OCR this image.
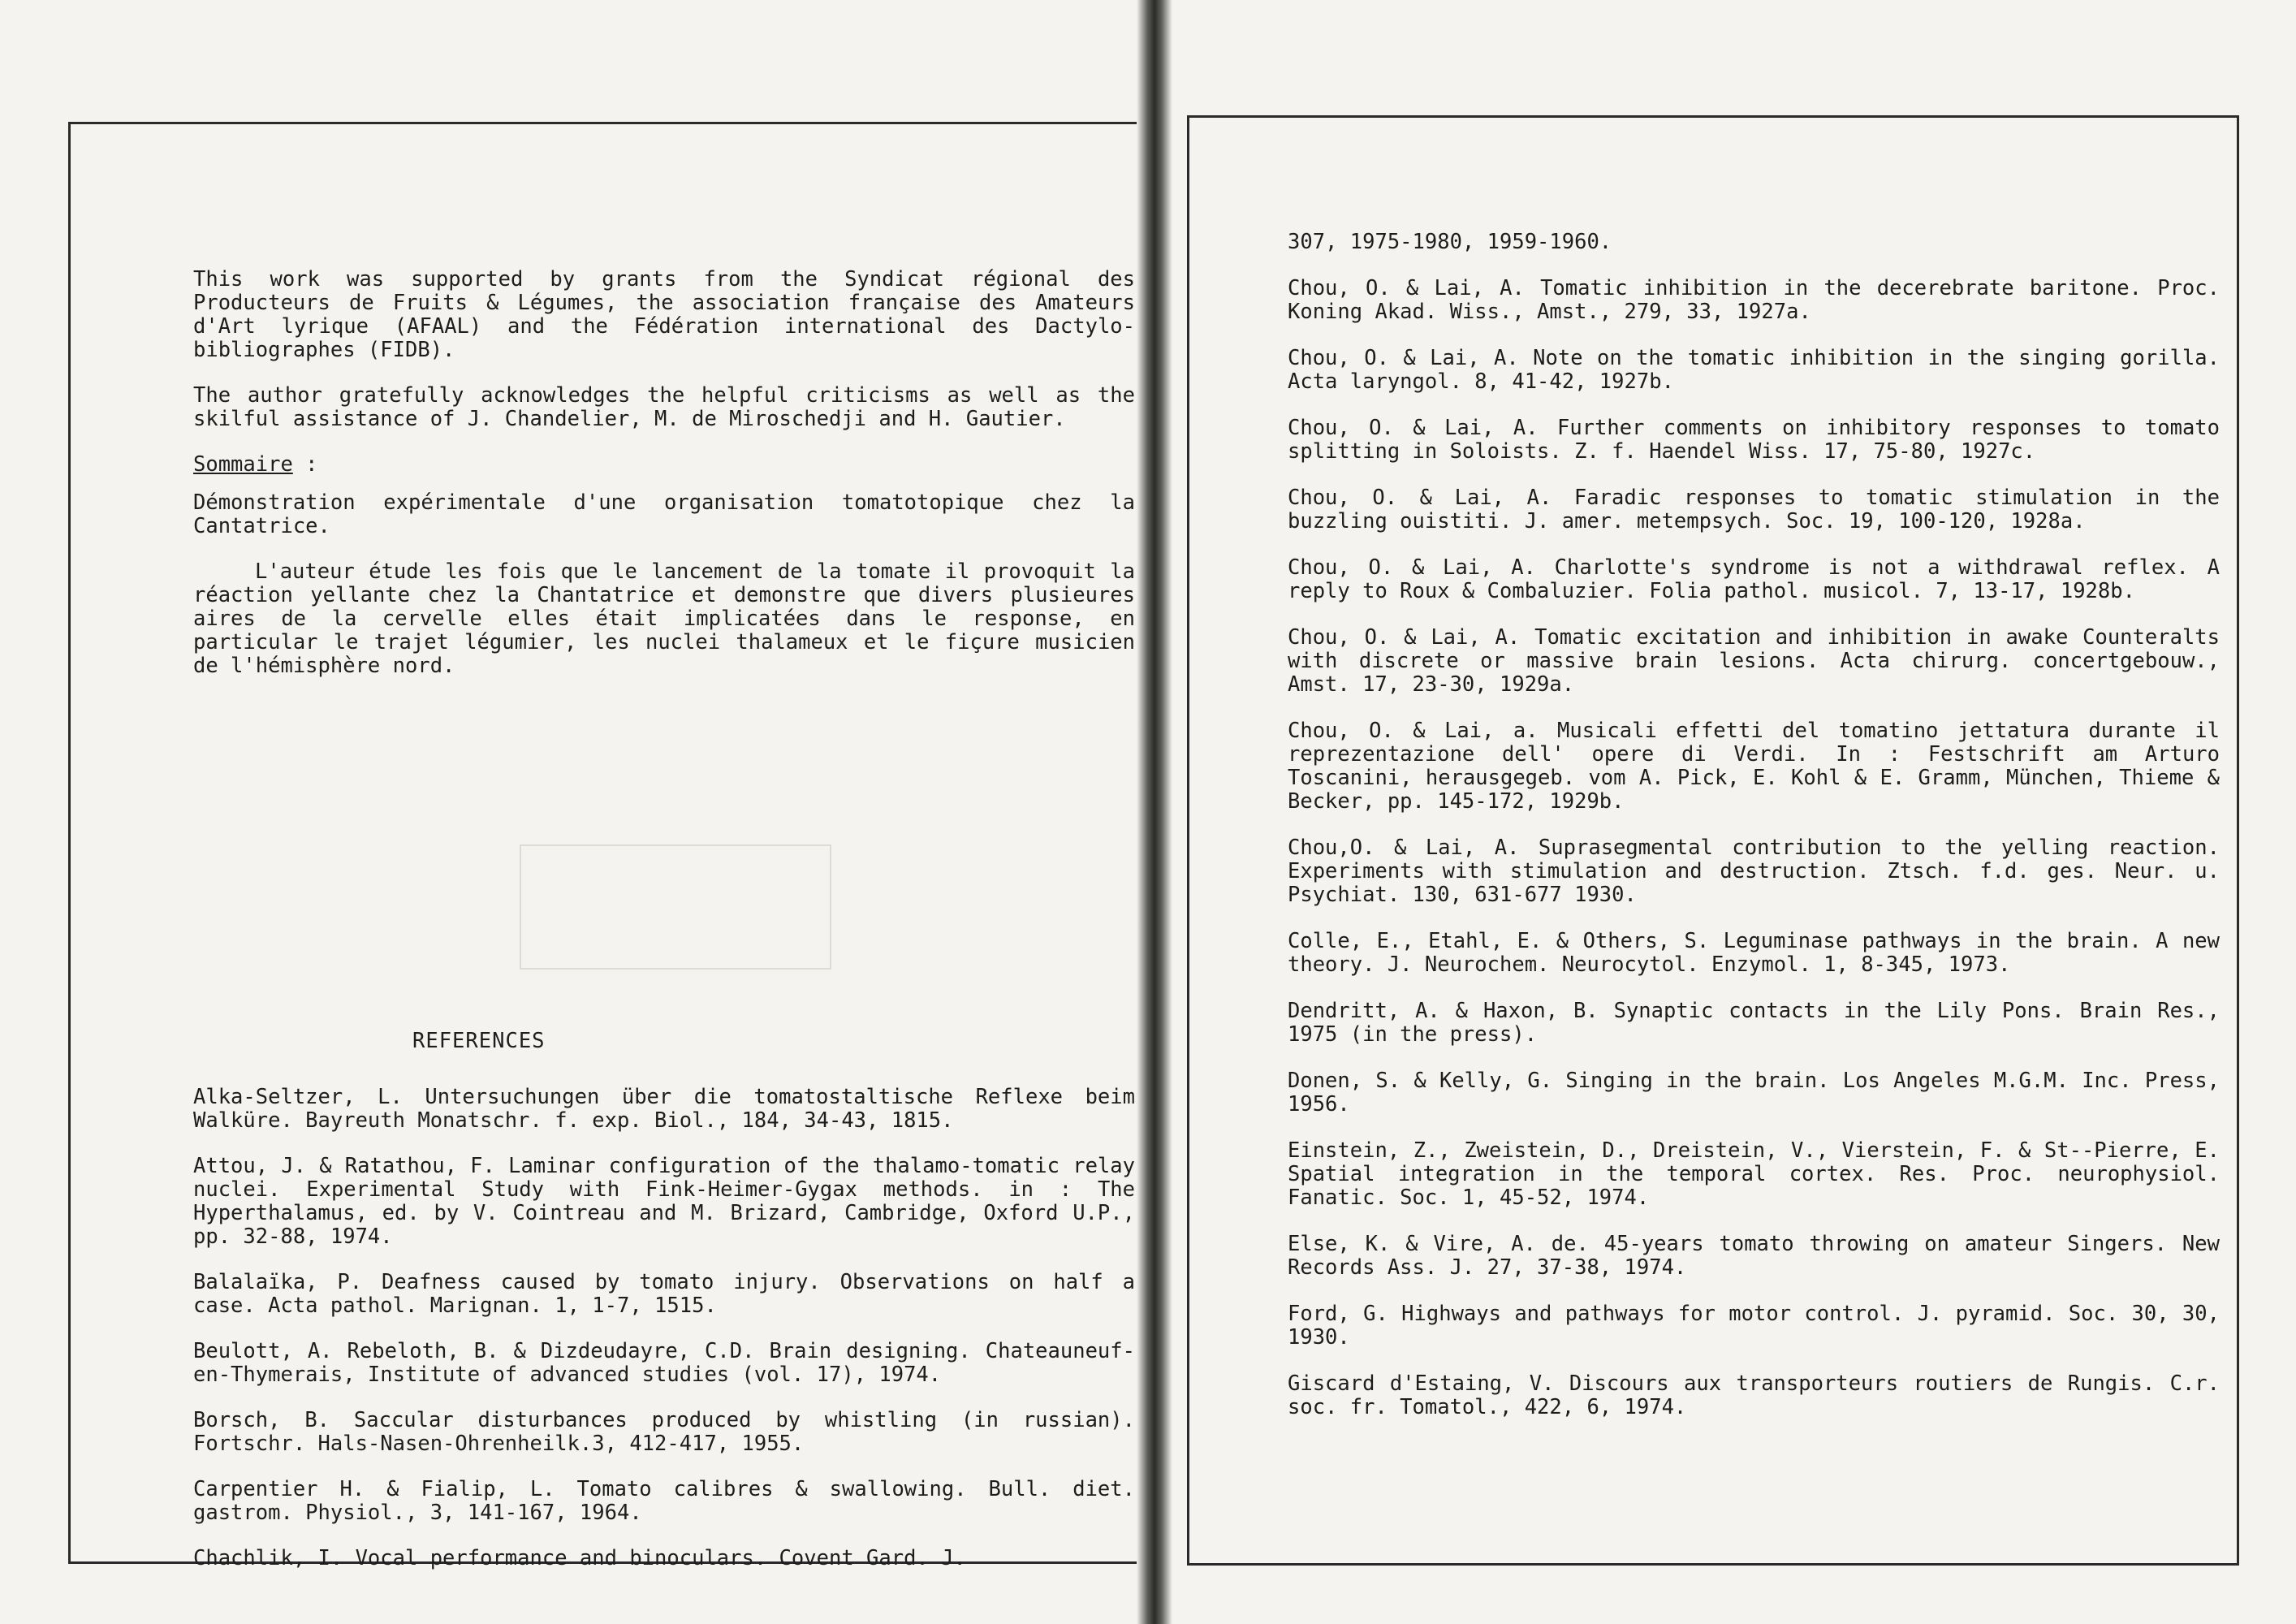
This work was supported by grants from the Syndicat régional des Producteurs de Fruits & Légumes, the association française des Amateurs d'Art lyrique (AFAAL) and the Fédération international des Dactylo-bibliographes (FIDB).

The author gratefully acknowledges the helpful criticisms as well as the skilful assistance of J. Chandelier, M. de Miroschedji and H. Gautier.

Sommaire :

Démonstration expérimentale d'une organisation tomatotopique chez la Cantatrice.

L'auteur étude les fois que le lancement de la tomate il provoquit la réaction yellante chez la Chantatrice et demonstre que divers plusieures aires de la cervelle elles était implicatées dans le response, en particular le trajet légumier, les nuclei thalameux et le fiçure musicien de l'hémisphère nord.

REFERENCES

Alka-Seltzer, L. Untersuchungen über die tomatostaltische Reflexe beim Walküre. Bayreuth Monatschr. f. exp. Biol., 184, 34-43, 1815.

Attou, J. & Ratathou, F. Laminar configuration of the thalamo-tomatic relay nuclei. Experimental Study with Fink-Heimer-Gygax methods. in : The Hyperthalamus, ed. by V. Cointreau and M. Brizard, Cambridge, Oxford U.P., pp. 32-88, 1974.

Balalaïka, P. Deafness caused by tomato injury. Observations on half a case. Acta pathol. Marignan. 1, 1-7, 1515.

Beulott, A. Rebeloth, B. & Dizdeudayre, C.D. Brain designing. Chateauneuf-en-Thymerais, Institute of advanced studies (vol. 17), 1974.

Borsch, B. Saccular disturbances produced by whistling (in russian). Fortschr. Hals-Nasen-Ohrenheilk.3, 412-417, 1955.

Carpentier H. & Fialip, L. Tomato calibres & swallowing. Bull. diet. gastrom. Physiol., 3, 141-167, 1964.

Chachlik, I. Vocal performance and binoculars. Covent Gard. J.

307, 1975-1980, 1959-1960.

Chou, O. & Lai, A. Tomatic inhibition in the decerebrate baritone. Proc. Koning Akad. Wiss., Amst., 279, 33, 1927a.

Chou, O. & Lai, A. Note on the tomatic inhibition in the singing gorilla. Acta laryngol. 8, 41-42, 1927b.

Chou, O. & Lai, A. Further comments on inhibitory responses to tomato splitting in Soloists. Z. f. Haendel Wiss. 17, 75-80, 1927c.

Chou, O. & Lai, A. Faradic responses to tomatic stimulation in the buzzling ouistiti. J. amer. metempsych. Soc. 19, 100-120, 1928a.

Chou, O. & Lai, A. Charlotte's syndrome is not a withdrawal reflex. A reply to Roux & Combaluzier. Folia pathol. musicol. 7, 13-17, 1928b.

Chou, O. & Lai, A. Tomatic excitation and inhibition in awake Counteralts with discrete or massive brain lesions. Acta chirurg. concertgebouw., Amst. 17, 23-30, 1929a.

Chou, O. & Lai, a. Musicali effetti del tomatino jettatura durante il reprezentazione dell' opere di Verdi. In : Festschrift am Arturo Toscanini, herausgegeb. vom A. Pick, E. Kohl & E. Gramm, München, Thieme & Becker, pp. 145-172, 1929b.

Chou,O. & Lai, A. Suprasegmental contribution to the yelling reaction. Experiments with stimulation and destruction. Ztsch. f.d. ges. Neur. u. Psychiat. 130, 631-677 1930.

Colle, E., Etahl, E. & Others, S. Leguminase pathways in the brain. A new theory. J. Neurochem. Neurocytol. Enzymol. 1, 8-345, 1973.

Dendritt, A. & Haxon, B. Synaptic contacts in the Lily Pons. Brain Res., 1975 (in the press).

Donen, S. & Kelly, G. Singing in the brain. Los Angeles M.G.M. Inc. Press, 1956.

Einstein, Z., Zweistein, D., Dreistein, V., Vierstein, F. & St--Pierre, E. Spatial integration in the temporal cortex. Res. Proc. neurophysiol. Fanatic. Soc. 1, 45-52, 1974.

Else, K. & Vire, A. de. 45-years tomato throwing on amateur Singers. New Records Ass. J. 27, 37-38, 1974.

Ford, G. Highways and pathways for motor control. J. pyramid. Soc. 30, 30, 1930.

Giscard d'Estaing, V. Discours aux transporteurs routiers de Rungis. C.r. soc. fr. Tomatol., 422, 6, 1974.
